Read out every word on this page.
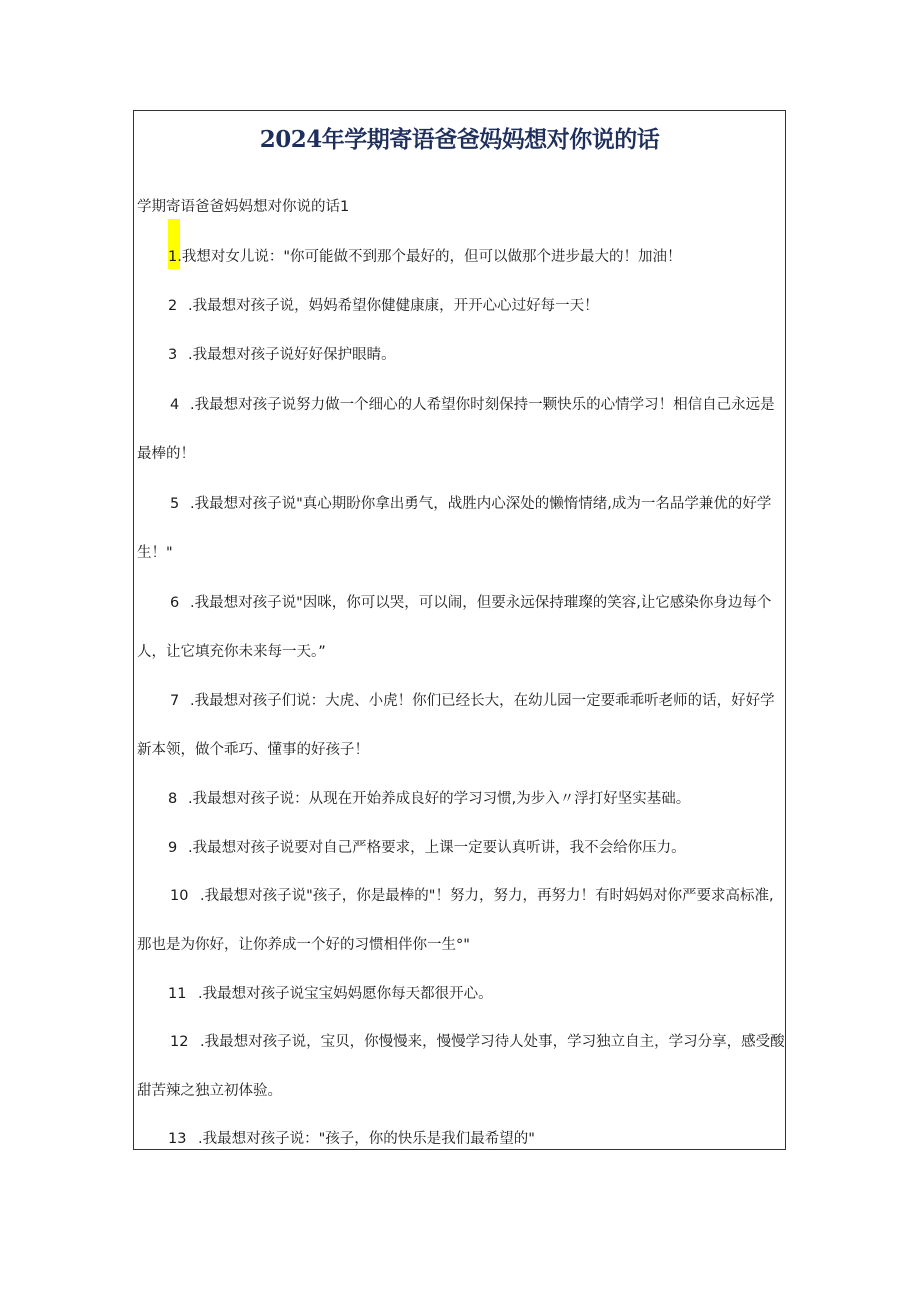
2024年学期寄语爸爸妈妈想对你说的话
学期寄语爸爸妈妈想对你说的话1
1.我想对女儿说："你可能做不到那个最好的，但可以做那个进步最大的！加油！
2 .我最想对孩子说，妈妈希望你健健康康，开开心心过好每一天！
3 .我最想对孩子说好好保护眼睛。
4 .我最想对孩子说努力做一个细心的人希望你时刻保持一颗快乐的心情学习！相信自己永远是
最棒的！
5 .我最想对孩子说"真心期盼你拿出勇气，战胜内心深处的懒惰情绪,成为一名品学兼优的好学
生！"
6 .我最想对孩子说"因咪，你可以哭，可以闹，但要永远保持璀璨的笑容,让它感染你身边每个
人，让它填充你未来每一天。”
7 .我最想对孩子们说：大虎、小虎！你们已经长大，在幼儿园一定要乖乖听老师的话，好好学
新本领，做个乖巧、懂事的好孩子！
8 .我最想对孩子说：从现在开始养成良好的学习习惯,为步入〃浮打好坚实基础。
9 .我最想对孩子说要对自己严格要求，上课一定要认真听讲，我不会给你压力。
10 .我最想对孩子说"孩子，你是最棒的"！努力，努力，再努力！有时妈妈对你严要求高标准,
那也是为你好，让你养成一个好的习惯相伴你一生°"
11 .我最想对孩子说宝宝妈妈愿你每天都很开心。
12 .我最想对孩子说，宝贝，你慢慢来，慢慢学习待人处事，学习独立自主，学习分享，感受酸
甜苦辣之独立初体验。
13 .我最想对孩子说："孩子，你的快乐是我们最希望的"
